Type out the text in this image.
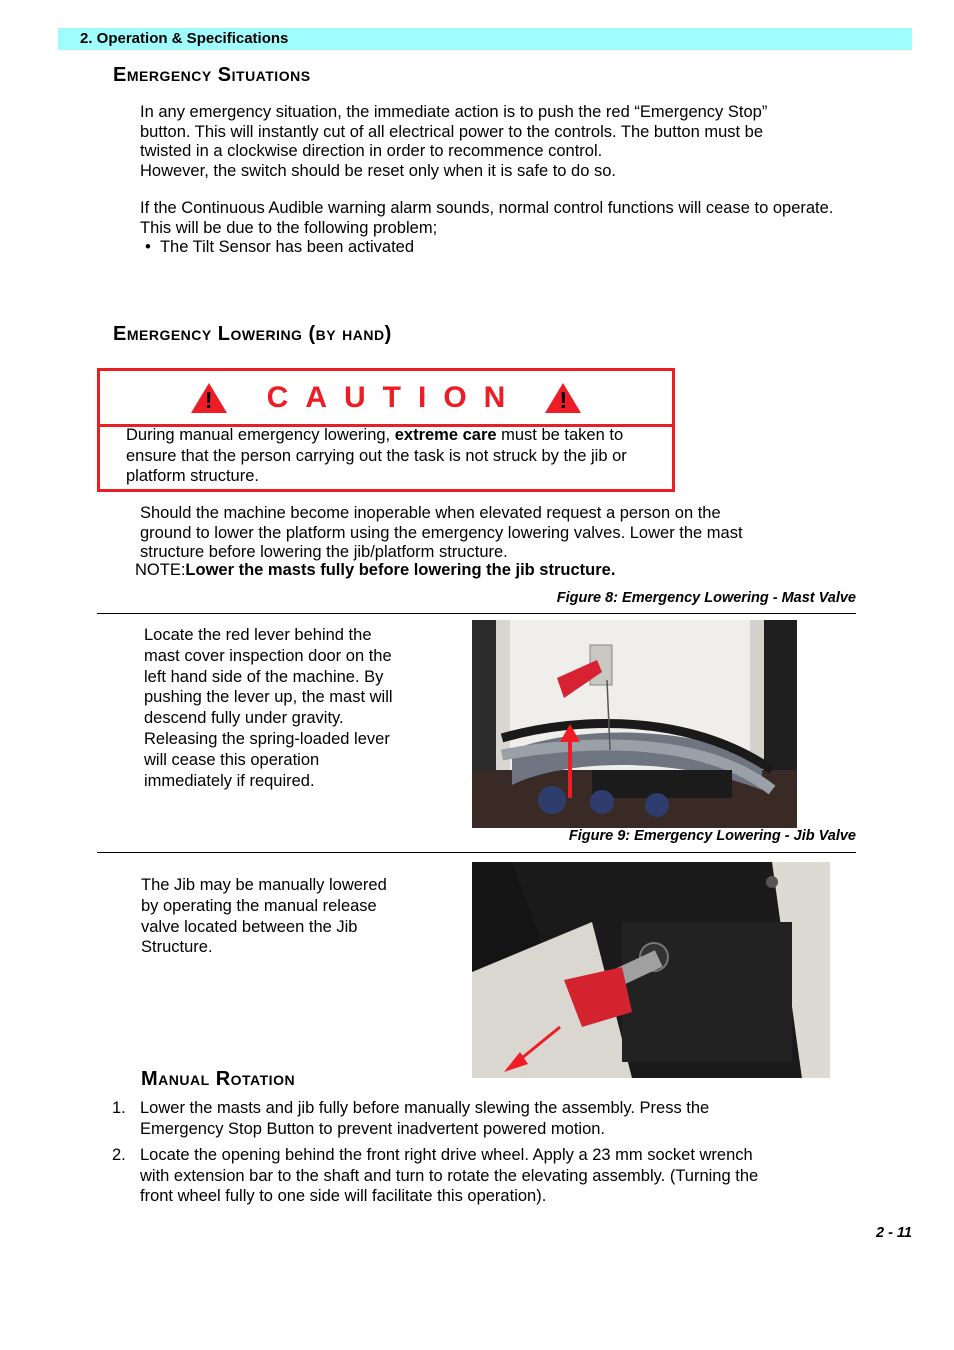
2. Operation & Specifications
Emergency Situations
In any emergency situation, the immediate action is to push the red “Emergency Stop”
button. This will instantly cut of all electrical power to the controls. The button must be
twisted in a clockwise direction in order to recommence control.
However, the switch should be reset only when it is safe to do so.
If the Continuous Audible warning alarm sounds, normal control functions will cease to operate.
This will be due to the following problem;
• The Tilt Sensor has been activated
Emergency Lowering (by hand)
!	CAUTION	!
During manual emergency lowering, extreme care must be taken to ensure that the person carrying out the task is not struck by the jib or platform structure.
Should the machine become inoperable when elevated request a person on the
ground to lower the platform using the emergency lowering valves. Lower the mast
structure before lowering the jib/platform structure.
NOTE:Lower the masts fully before lowering the jib structure.
Figure 8: Emergency Lowering - Mast Valve
Locate the red lever behind the
mast cover inspection door on the
left hand side of the machine. By
pushing the lever up, the mast will
descend fully under gravity.
Releasing the spring-loaded lever
will cease this operation
immediately if required.
Figure 9: Emergency Lowering - Jib Valve
The Jib may be manually lowered
by operating the manual release
valve located between the Jib
Structure.
Manual Rotation
1. Lower the masts and jib fully before manually slewing the assembly. Press the
Emergency Stop Button to prevent inadvertent powered motion.
2. Locate the opening behind the front right drive wheel. Apply a 23 mm socket wrench
with extension bar to the shaft and turn to rotate the elevating assembly. (Turning the
front wheel fully to one side will facilitate this operation).
2 - 11
